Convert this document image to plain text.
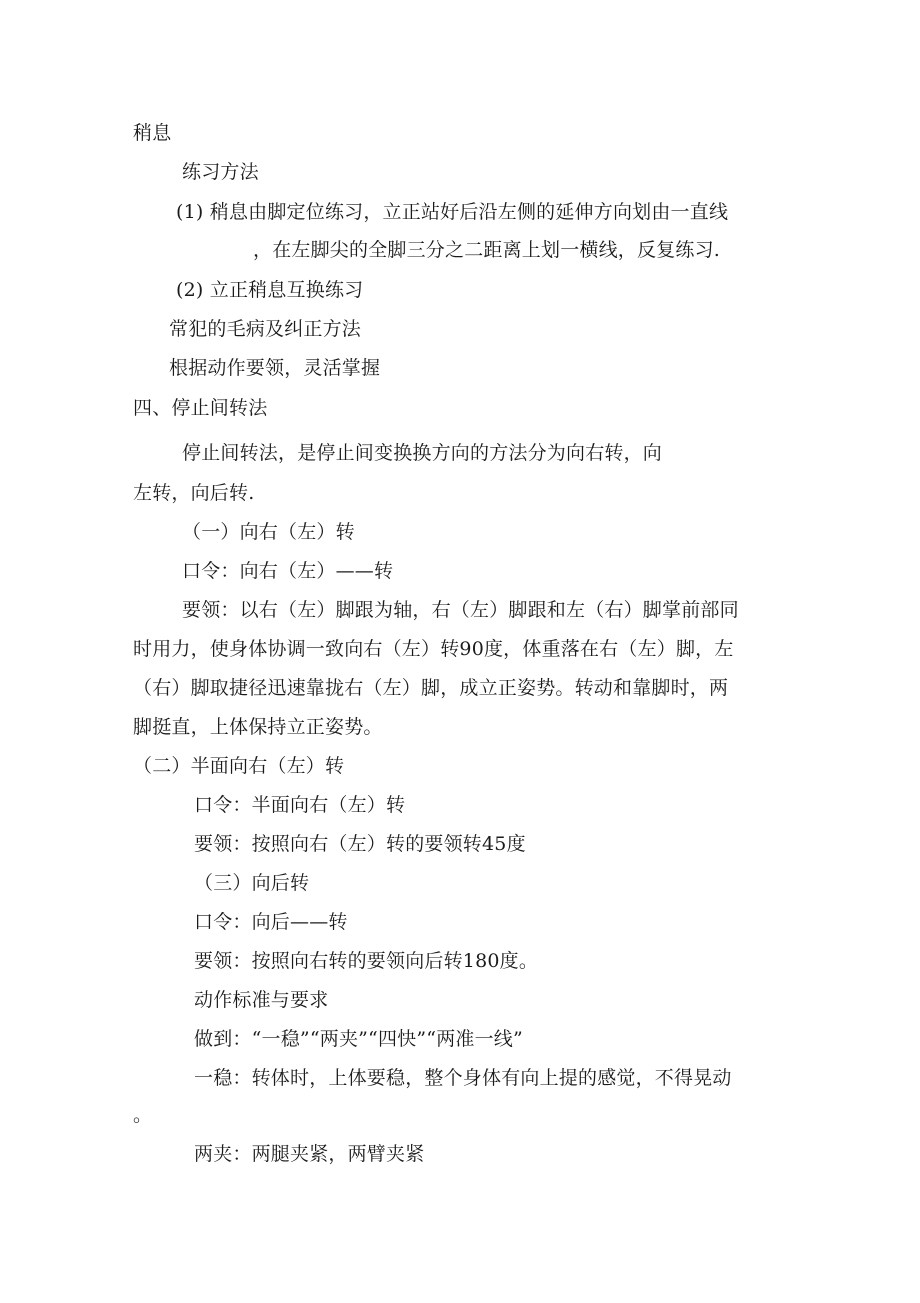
稍息
练习方法
(1) 稍息由脚定位练习，立正站好后沿左侧的延伸方向划由一直线
，在左脚尖的全脚三分之二距离上划一横线，反复练习.
(2) 立正稍息互换练习
常犯的毛病及纠正方法
根据动作要领，灵活掌握
四、停止间转法
停止间转法，是停止间变换换方向的方法分为向右转，向
左转，向后转.
（一）向右（左）转
口令：向右（左）——转
要领：以右（左）脚跟为轴，右（左）脚跟和左（右）脚掌前部同
时用力，使身体协调一致向右（左）转90度，体重落在右（左）脚，左
（右）脚取捷径迅速靠拢右（左）脚，成立正姿势。转动和靠脚时，两
脚挺直，上体保持立正姿势。
（二）半面向右（左）转
口令：半面向右（左）转
要领：按照向右（左）转的要领转45度
（三）向后转
口令：向后——转
要领：按照向右转的要领向后转180度。
动作标准与要求
做到：“一稳”“两夹”“四快”“两准一线”
一稳：转体时，上体要稳，整个身体有向上提的感觉，不得晃动
。
两夹：两腿夹紧，两臂夹紧
